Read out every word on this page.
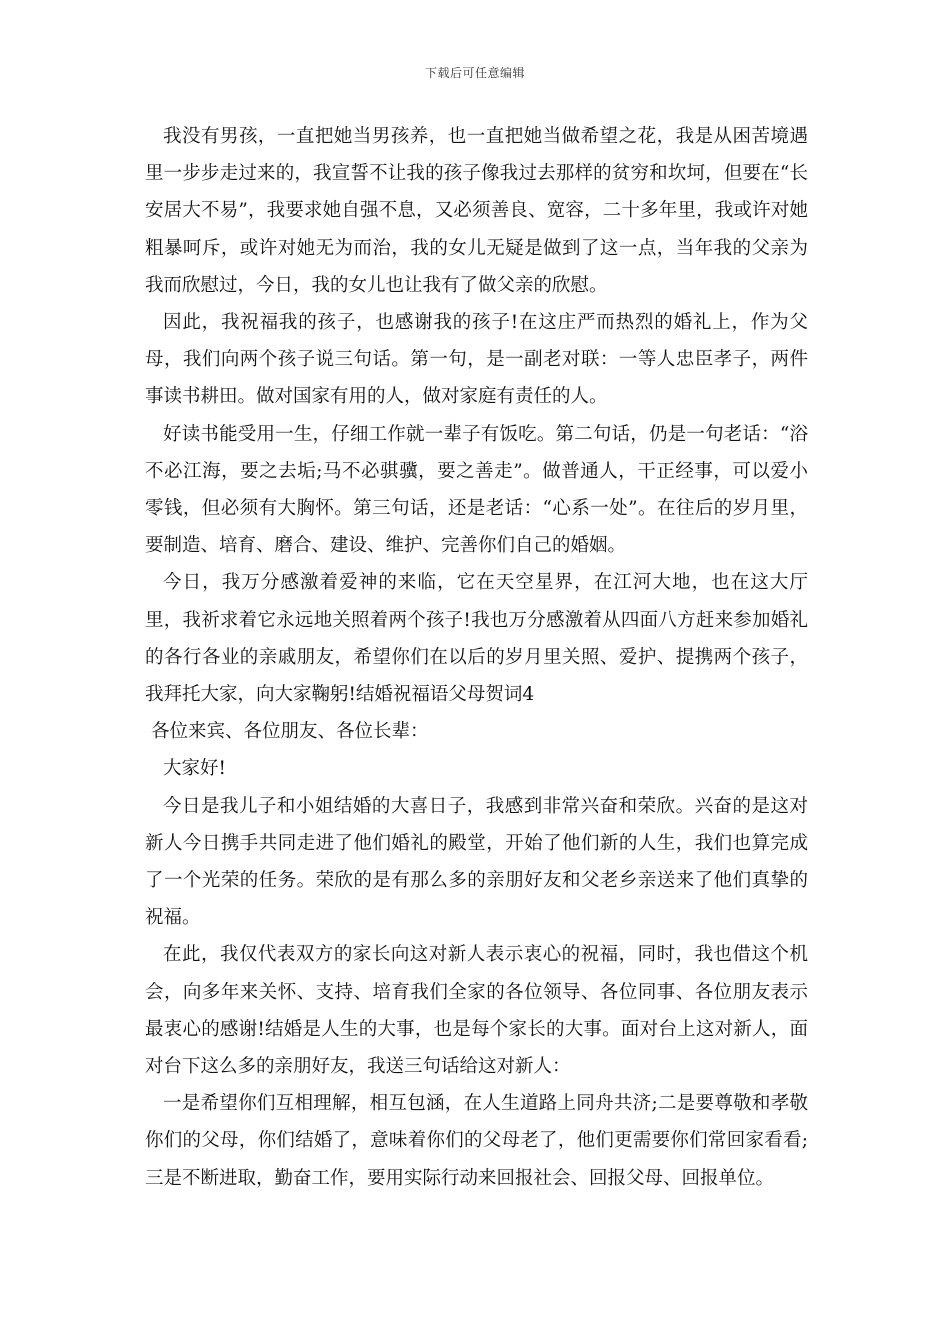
下载后可任意编辑

我没有男孩，一直把她当男孩养，也一直把她当做希望之花，我是从困苦境遇里一步步走过来的，我宣誓不让我的孩子像我过去那样的贫穷和坎坷，但要在“长安居大不易”，我要求她自强不息，又必须善良、宽容，二十多年里，我或许对她粗暴呵斥，或许对她无为而治，我的女儿无疑是做到了这一点，当年我的父亲为我而欣慰过，今日，我的女儿也让我有了做父亲的欣慰。

因此，我祝福我的孩子，也感谢我的孩子!在这庄严而热烈的婚礼上，作为父母，我们向两个孩子说三句话。第一句，是一副老对联：一等人忠臣孝子，两件事读书耕田。做对国家有用的人，做对家庭有责任的人。

好读书能受用一生，仔细工作就一辈子有饭吃。第二句话，仍是一句老话：“浴不必江海，要之去垢;马不必骐骥，要之善走”。做普通人，干正经事，可以爱小零钱，但必须有大胸怀。第三句话，还是老话：“心系一处”。在往后的岁月里，要制造、培育、磨合、建设、维护、完善你们自己的婚姻。

今日，我万分感激着爱神的来临，它在天空星界，在江河大地，也在这大厅里，我祈求着它永远地关照着两个孩子!我也万分感激着从四面八方赶来参加婚礼的各行各业的亲戚朋友，希望你们在以后的岁月里关照、爱护、提携两个孩子，我拜托大家，向大家鞠躬!结婚祝福语父母贺词4

各位来宾、各位朋友、各位长辈：

大家好!

今日是我儿子和小姐结婚的大喜日子，我感到非常兴奋和荣欣。兴奋的是这对新人今日携手共同走进了他们婚礼的殿堂，开始了他们新的人生，我们也算完成了一个光荣的任务。荣欣的是有那么多的亲朋好友和父老乡亲送来了他们真挚的祝福。

在此，我仅代表双方的家长向这对新人表示衷心的祝福，同时，我也借这个机会，向多年来关怀、支持、培育我们全家的各位领导、各位同事、各位朋友表示最衷心的感谢!结婚是人生的大事，也是每个家长的大事。面对台上这对新人，面对台下这么多的亲朋好友，我送三句话给这对新人：

一是希望你们互相理解，相互包涵，在人生道路上同舟共济;二是要尊敬和孝敬你们的父母，你们结婚了，意味着你们的父母老了，他们更需要你们常回家看看;三是不断进取，勤奋工作，要用实际行动来回报社会、回报父母、回报单位。
